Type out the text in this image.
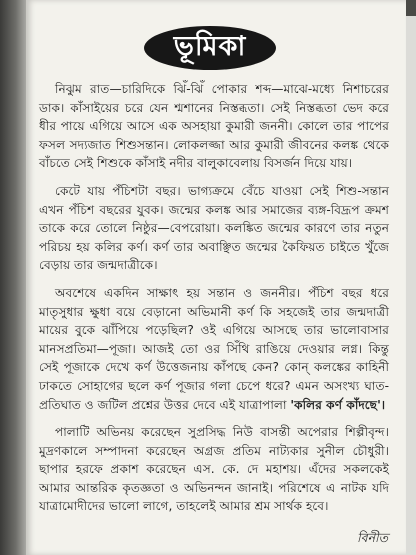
ভূমিকা

নিঝুম রাত—চারিদিকে ঝিঁ-ঝিঁ পোকার শব্দ—মাঝে-মধ্যে নিশাচরের ডাক। কাঁসাইয়ের চরে যেন শ্মশানের নিস্তব্ধতা। সেই নিস্তব্ধতা ভেদ করে ধীর পায়ে এগিয়ে আসে এক অসহায়া কুমারী জননী। কোলে তার পাপের ফসল সদ্যজাত শিশুসন্তান। লোকলজ্জা আর কুমারী জীবনের কলঙ্ক থেকে বাঁচতে সেই শিশুকে কাঁসাই নদীর বালুকাবেলায় বিসর্জন দিয়ে যায়।

কেটে যায় পঁচিশটা বছর। ভাগ্যক্রমে বেঁচে যাওয়া সেই শিশু-সন্তান এখন পঁচিশ বছরের যুবক। জন্মের কলঙ্ক আর সমাজের ব্যঙ্গ-বিদ্রূপ ক্রমশ তাকে করে তোলে নিষ্ঠুর—বেপরোয়া। কলঙ্কিত জন্মের কারণে তার নতুন পরিচয় হয় কলির কর্ণ। কর্ণ তার অবাঞ্ছিত জন্মের কৈফিয়ত চাইতে খুঁজে বেড়ায় তার জন্মদাত্রীকে।

অবশেষে একদিন সাক্ষাৎ হয় সন্তান ও জননীর। পঁচিশ বছর ধরে মাতৃসুধার ক্ষুধা বয়ে বেড়ানো অভিমানী কর্ণ কি সহজেই তার জন্মদাত্রী মায়ের বুকে ঝাঁপিয়ে পড়েছিল? ওই এগিয়ে আসছে তার ভালোবাসার মানসপ্রতিমা—পূজা। আজই তো ওর সিঁথি রাঙিয়ে দেওয়ার লগ্ন। কিন্তু সেই পূজাকে দেখে কর্ণ উত্তেজনায় কাঁপছে কেন? কোন্ কলঙ্কের কাহিনী ঢাকতে সোহাগের ছলে কর্ণ পূজার গলা চেপে ধরে? এমন অসংখ্য ঘাত-প্রতিঘাত ও জটিল প্রশ্নের উত্তর দেবে এই যাত্রাপালা 'কলির কর্ণ কাঁদছে'।

পালাটি অভিনয় করেছেন সুপ্রসিদ্ধ নিউ বাসন্তী অপেরার শিল্পীবৃন্দ। মুদ্রণকালে সম্পাদনা করেছেন অগ্রজ প্রতিম নাট্যকার সুনীল চৌধুরী। ছাপার হরফে প্রকাশ করেছেন এস. কে. দে মহাশয়। এঁদের সকলকেই আমার আন্তরিক কৃতজ্ঞতা ও অভিনন্দন জানাই। পরিশেষে এ নাটক যদি যাত্রামোদীদের ভালো লাগে, তাহলেই আমার শ্রম সার্থক হবে।

বিনীত
